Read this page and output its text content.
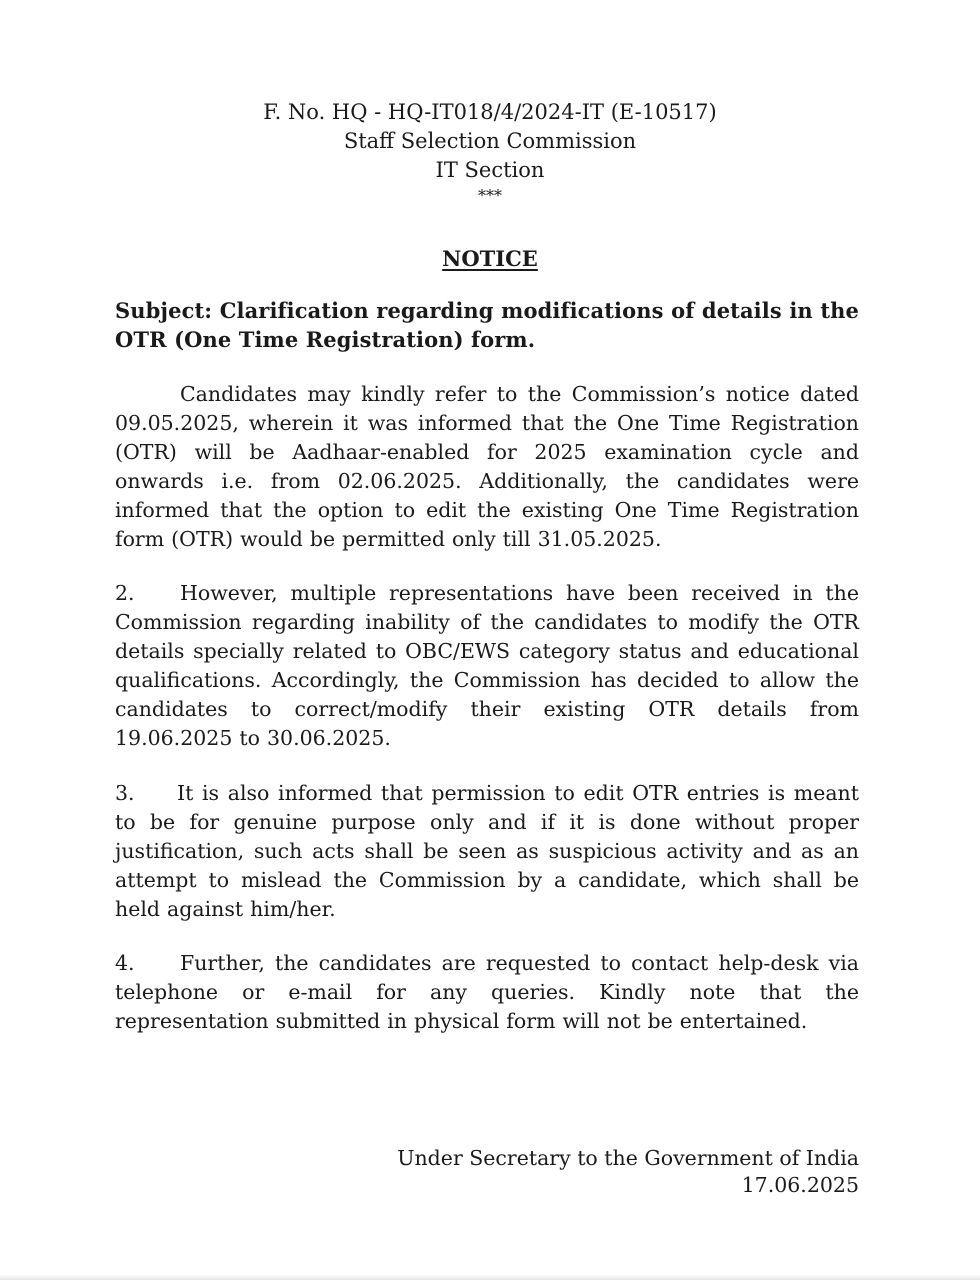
F. No. HQ - HQ-IT018/4/2024-IT (E-10517)
Staff Selection Commission
IT Section
***
NOTICE
Subject: Clarification regarding modifications of details in the OTR (One Time Registration) form.
Candidates may kindly refer to the Commission’s notice dated 09.05.2025, wherein it was informed that the One Time Registration (OTR) will be Aadhaar-enabled for 2025 examination cycle and onwards i.e. from 02.06.2025. Additionally, the candidates were informed that the option to edit the existing One Time Registration form (OTR) would be permitted only till 31.05.2025.
2. However, multiple representations have been received in the Commission regarding inability of the candidates to modify the OTR details specially related to OBC/EWS category status and educational qualifications. Accordingly, the Commission has decided to allow the candidates to correct/modify their existing OTR details from 19.06.2025 to 30.06.2025.
3. It is also informed that permission to edit OTR entries is meant to be for genuine purpose only and if it is done without proper justification, such acts shall be seen as suspicious activity and as an attempt to mislead the Commission by a candidate, which shall be held against him/her.
4. Further, the candidates are requested to contact help-desk via telephone or e-mail for any queries. Kindly note that the representation submitted in physical form will not be entertained.
Under Secretary to the Government of India
17.06.2025
